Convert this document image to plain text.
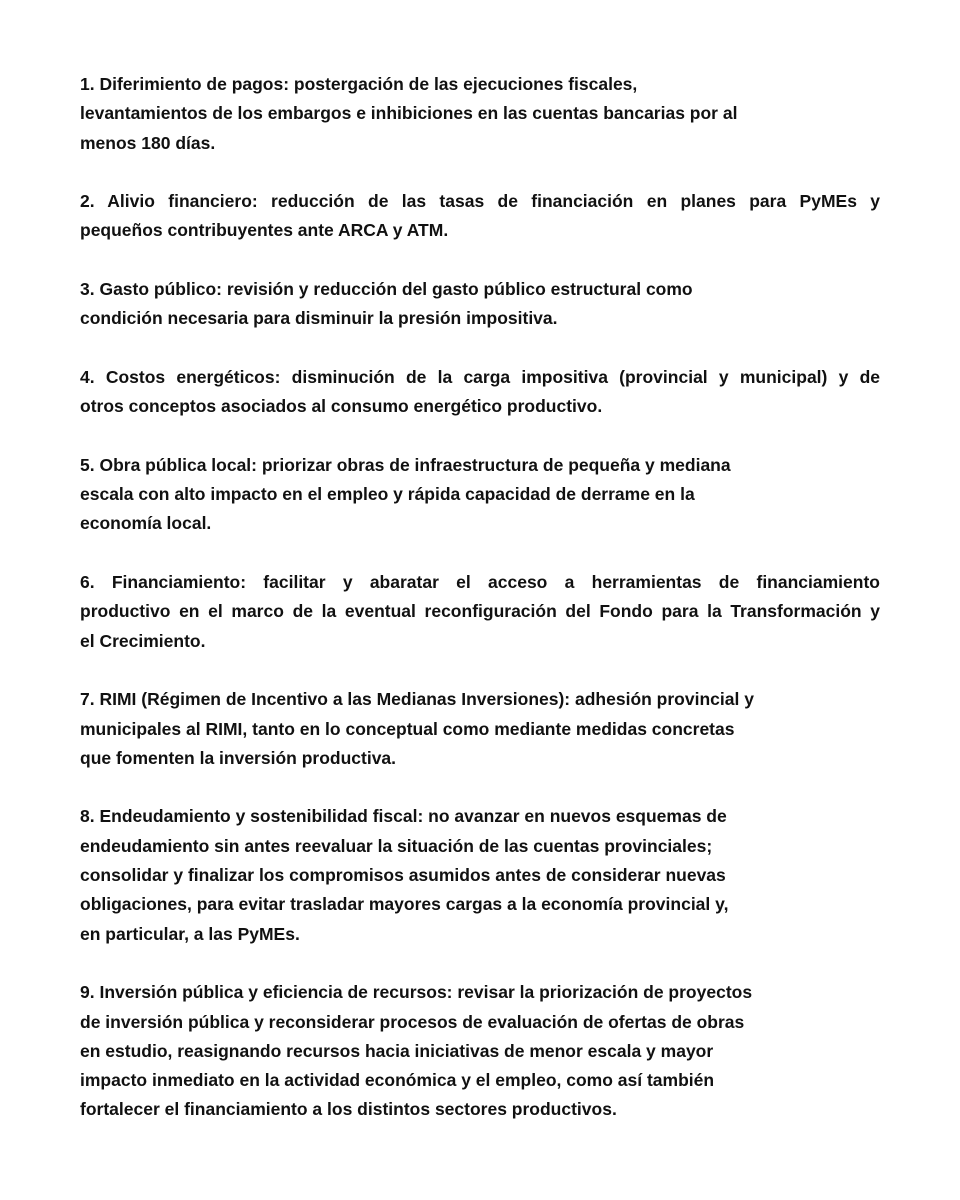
1. Diferimiento de pagos: postergación de las ejecuciones fiscales,
levantamientos de los embargos e inhibiciones en las cuentas bancarias por al
menos 180 días.

2. Alivio financiero: reducción de las tasas de financiación en planes para PyMEs y
pequeños contribuyentes ante ARCA y ATM.

3. Gasto público: revisión y reducción del gasto público estructural como
condición necesaria para disminuir la presión impositiva.

4. Costos energéticos: disminución de la carga impositiva (provincial y municipal) y de
otros conceptos asociados al consumo energético productivo.

5. Obra pública local: priorizar obras de infraestructura de pequeña y mediana
escala con alto impacto en el empleo y rápida capacidad de derrame en la
economía local.

6. Financiamiento: facilitar y abaratar el acceso a herramientas de financiamiento
productivo en el marco de la eventual reconfiguración del Fondo para la Transformación y
el Crecimiento.

7. RIMI (Régimen de Incentivo a las Medianas Inversiones): adhesión provincial y
municipales al RIMI, tanto en lo conceptual como mediante medidas concretas
que fomenten la inversión productiva.

8. Endeudamiento y sostenibilidad fiscal: no avanzar en nuevos esquemas de
endeudamiento sin antes reevaluar la situación de las cuentas provinciales;
consolidar y finalizar los compromisos asumidos antes de considerar nuevas
obligaciones, para evitar trasladar mayores cargas a la economía provincial y,
en particular, a las PyMEs.

9. Inversión pública y eficiencia de recursos: revisar la priorización de proyectos
de inversión pública y reconsiderar procesos de evaluación de ofertas de obras
en estudio, reasignando recursos hacia iniciativas de menor escala y mayor
impacto inmediato en la actividad económica y el empleo, como así también
fortalecer el financiamiento a los distintos sectores productivos.
